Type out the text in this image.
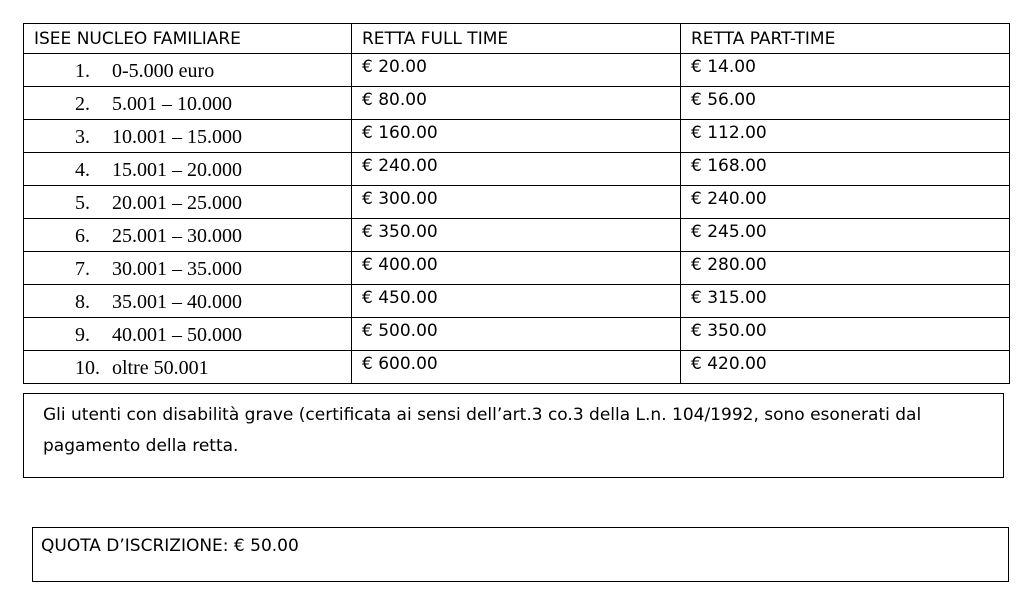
ISEE NUCLEO FAMILIARE	RETTA FULL TIME	RETTA PART-TIME
1. 0-5.000 euro	€ 20.00	€ 14.00
2. 5.001 – 10.000	€ 80.00	€ 56.00
3. 10.001 – 15.000	€ 160.00	€ 112.00
4. 15.001 – 20.000	€ 240.00	€ 168.00
5. 20.001 – 25.000	€ 300.00	€ 240.00
6. 25.001 – 30.000	€ 350.00	€ 245.00
7. 30.001 – 35.000	€ 400.00	€ 280.00
8. 35.001 – 40.000	€ 450.00	€ 315.00
9. 40.001 – 50.000	€ 500.00	€ 350.00
10. oltre 50.001	€ 600.00	€ 420.00
Gli utenti con disabilità grave (certificata ai sensi dell’art.3 co.3 della L.n. 104/1992, sono esonerati dal pagamento della retta.
QUOTA D’ISCRIZIONE: € 50.00
